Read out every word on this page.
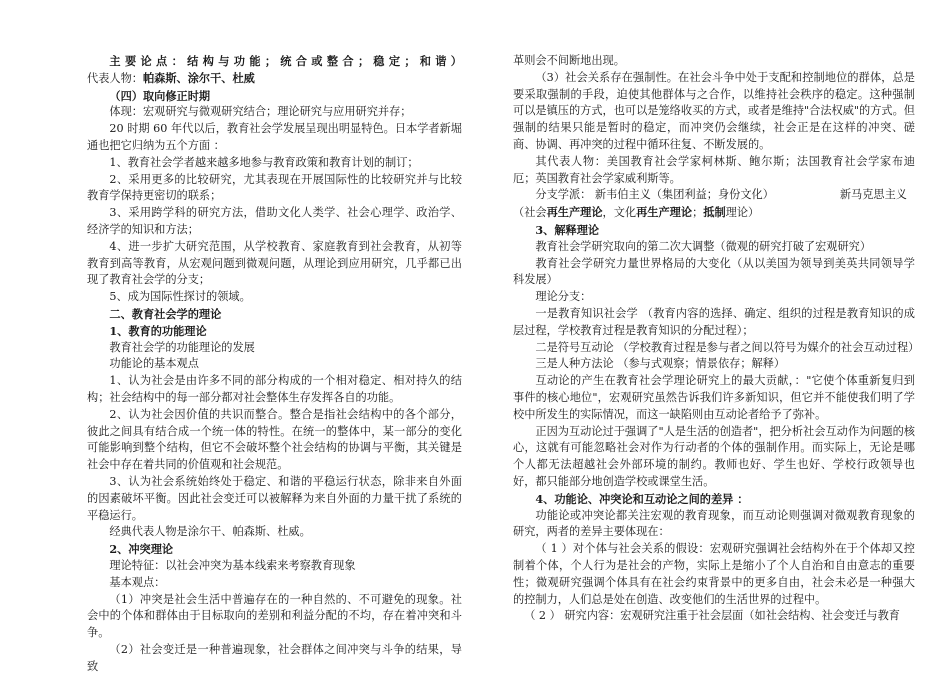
主 要 论 点 ： 结 构 与 功 能 ； 统 合 或 整 合 ； 稳 定 ； 和 谐 ）

代表人物：帕森斯、涂尔干、杜威

（四）取向修正时期

体现：宏观研究与微观研究结合；理论研究与应用研究并存；

20 时期 60 年代以后，教育社会学发展呈现出明显特色。日本学者新堀通也把它归纳为五个方面 ：

1、教育社会学者越来越多地参与教育政策和教育计划的制订；

2、采用更多的比较研究，尤其表现在开展国际性的比较研究并与比较教育学保持更密切的联系；

3、采用跨学科的研究方法，借助文化人类学、社会心理学、政治学、经济学的知识和方法；

4、进一步扩大研究范围，从学校教育、家庭教育到社会教育，从初等教育到高等教育，从宏观问题到微观问题，从理论到应用研究，几乎都已出现了教育社会学的分支；

5、成为国际性探讨的领域。

二、教育社会学的理论

1、教育的功能理论

教育社会学的功能理论的发展

功能论的基本观点

1、认为社会是由许多不同的部分构成的一个相对稳定、相对持久的结构；社会结构中的每一部分都对社会整体生存发挥各自的功能。

2、认为社会因价值的共识而整合。整合是指社会结构中的各个部分，彼此之间具有结合成一个统一体的特性。在统一的整体中，某一部分的变化可能影响到整个结构，但它不会破坏整个社会结构的协调与平衡，其关键是社会中存在着共同的价值观和社会规范。

3、认为社会系统始终处于稳定、和谐的平稳运行状态，除非来自外面的因素破坏平衡。因此社会变迁可以被解释为来自外面的力量干扰了系统的平稳运行。

经典代表人物是涂尔干、帕森斯、杜威。

2、冲突理论

理论特征：以社会冲突为基本线索来考察教育现象

基本观点：

（1）冲突是社会生活中普遍存在的一种自然的、不可避免的现象。社会中的个体和群体由于目标取向的差别和利益分配的不均，存在着冲突和斗争。

（2）社会变迁是一种普遍现象，社会群体之间冲突与斗争的结果，导致

革则会不间断地出现。

（3）社会关系存在强制性。在社会斗争中处于支配和控制地位的群体，总是要采取强制的手段，迫使其他群体与之合作，以维持社会秩序的稳定。这种强制可以是镇压的方式，也可以是笼络收买的方式，或者是维持"合法权威"的方式。但强制的结果只能是暂时的稳定，而冲突仍会继续，社会正是在这样的冲突、磋商、协调、再冲突的过程中循环往复、不断发展的。

其代表人物：美国教育社会学家柯林斯、鲍尔斯；法国教育社会学家布迪厄；英国教育社会学家威利斯等。

分支学派： 新韦伯主义（集团利益；身份文化）	新马克思主义

（社会再生产理论，文化再生产理论；抵制理论）

3、解释理论

教育社会学研究取向的第二次大调整（微观的研究打破了宏观研究）

教育社会学研究力量世界格局的大变化（从以美国为领导到美英共同领导学科发展）

理论分支：

一是教育知识社会学 （教育内容的选择、确定、组织的过程是教育知识的成层过程，学校教育过程是教育知识的分配过程）；

二是符号互动论 （学校教育过程是参与者之间以符号为媒介的社会互动过程）

三是人种方法论 （参与式观察；情景依存；解释）

互动论的产生在教育社会学理论研究上的最大贡献，："它使个体重新复归到事件的核心地位"，宏观研究虽然告诉我们许多新知识，但它并不能使我们明了学校中所发生的实际情况，而这一缺陷则由互动论者给予了弥补。

正因为互动论过于强调了"人是生活的创造者"，把分析社会互动作为问题的核心，这就有可能忽略社会对作为行动者的个体的强制作用。而实际上，无论是哪个人都无法超越社会外部环境的制约。教师也好、学生也好、学校行政领导也好，都只能部分地创造学校或课堂生活。

4、功能论、冲突论和互动论之间的差异 ：

功能论或冲突论都关注宏观的教育现象，而互动论则强调对微观教育现象的研究，两者的差异主要体现在：

（ 1 ）对个体与社会关系的假设：宏观研究强调社会结构外在于个体却又控制着个体，个人行为是社会的产物，实际上是缩小了个人自治和自由意志的重要性；微观研究强调个体具有在社会约束背景中的更多自由，社会未必是一种强大的控制力，人们总是处在创造、改变他们的生活世界的过程中。

（ 2 ） 研究内容：宏观研究注重于社会层面（如社会结构、社会变迁与教育
